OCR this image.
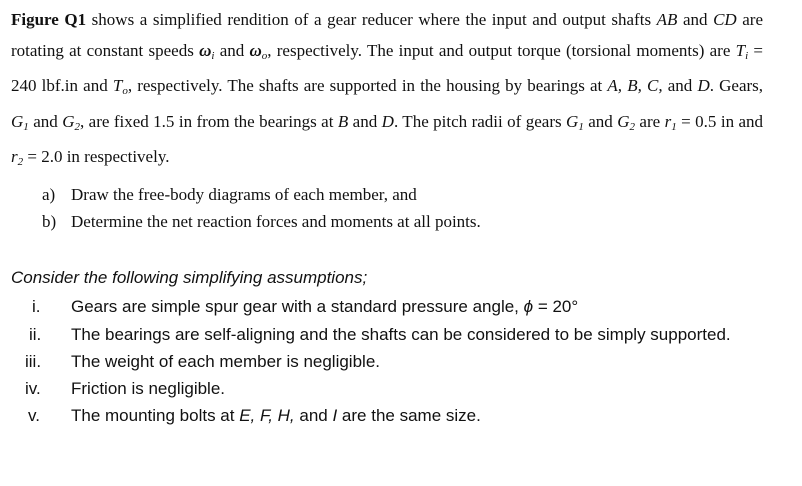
Figure Q1 shows a simplified rendition of a gear reducer where the input and output shafts AB and CD are rotating at constant speeds $\omega_i$ and $\omega_o$, respectively. The input and output torque (torsional moments) are $T_i = 240$ lbf.in and $T_o$, respectively. The shafts are supported in the housing by bearings at A, B, C, and D. Gears, $G_1$ and $G_2$, are fixed 1.5 in from the bearings at B and D. The pitch radii of gears $G_1$ and $G_2$ are $r_1 = 0.5$ in and $r_2 = 2.0$ in respectively.

a) Draw the free-body diagrams of each member, and
b) Determine the net reaction forces and moments at all points.
Consider the following simplifying assumptions;
i.	Gears are simple spur gear with a standard pressure angle, ϕ = 20°
ii.	The bearings are self-aligning and the shafts can be considered to be simply supported.
iii.	The weight of each member is negligible.
iv.	Friction is negligible.
v.	The mounting bolts at E, F, H, and I are the same size.
